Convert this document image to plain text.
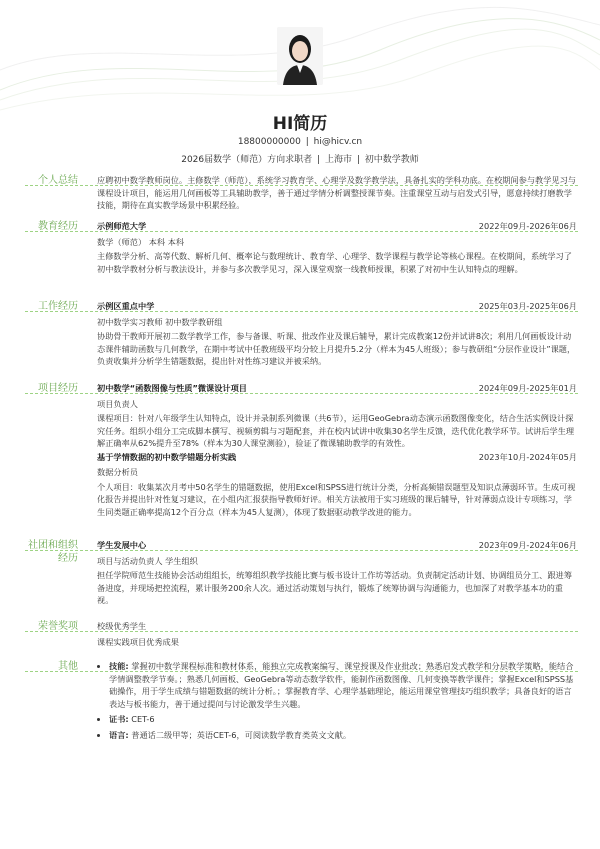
HI简历
18800000000 | hi@hicv.cn
2026届数学（师范）方向求职者 | 上海市 | 初中数学教师
个人总结 应聘初中数学教师岗位。主修数学（师范），系统学习教育学、心理学及数学教学法，具备扎实的学科功底。在校期间参与教学见习与课程设计项目，能运用几何画板等工具辅助教学，善于通过学情分析调整授课节奏。注重课堂互动与启发式引导，愿意持续打磨教学技能，期待在真实教学场景中积累经验。
教育经历 示例师范大学	2022年09月-2026年06月
数学（师范） 本科 本科
主修数学分析、高等代数、解析几何、概率论与数理统计、教育学、心理学、数学课程与教学论等核心课程。在校期间，系统学习了初中数学教材分析与教法设计，并参与多次教学见习，深入课堂观察一线教师授课，积累了对初中生认知特点的理解。
工作经历 示例区重点中学	2025年03月-2025年06月
初中数学实习教师 初中数学教研组
协助骨干教师开展初二数学教学工作，参与备课、听课、批改作业及课后辅导，累计完成教案12份并试讲8次；利用几何画板设计动态课件辅助函数与几何教学，在期中考试中任教班级平均分较上月提升5.2分（样本为45人班级）；参与教研组“分层作业设计”课题，负责收集并分析学生错题数据，提出针对性练习建议并被采纳。
项目经历 初中数学“函数图像与性质”微课设计项目	2024年09月-2025年01月
项目负责人
课程项目：针对八年级学生认知特点，设计并录制系列微课（共6节），运用GeoGebra动态演示函数图像变化，结合生活实例设计探究任务。组织小组分工完成脚本撰写、视频剪辑与习题配套，并在校内试讲中收集30名学生反馈，迭代优化教学环节。试讲后学生理解正确率从62%提升至78%（样本为30人课堂测验），验证了微课辅助教学的有效性。
基于学情数据的初中数学错题分析实践	2023年10月-2024年05月
数据分析员
个人项目：收集某次月考中50名学生的错题数据，使用Excel和SPSS进行统计分类，分析高频错误题型及知识点薄弱环节。生成可视化报告并提出针对性复习建议，在小组内汇报获指导教师好评。相关方法被用于实习班级的课后辅导，针对薄弱点设计专项练习，学生同类题正确率提高12个百分点（样本为45人复测），体现了数据驱动教学改进的能力。
社团和组织经历
学生发展中心	2023年09月-2024年06月
项目与活动负责人 学生组织
担任学院师范生技能协会活动组组长，统筹组织教学技能比赛与板书设计工作坊等活动。负责制定活动计划、协调组员分工、跟进筹备进度，并现场把控流程，累计服务200余人次。通过活动策划与执行，锻炼了统筹协调与沟通能力，也加深了对教学基本功的重视。
荣誉奖项 校级优秀学生
课程实践项目优秀成果
其他
•	技能: 掌握初中数学课程标准和教材体系，能独立完成教案编写、课堂授课及作业批改；熟悉启发式教学和分层教学策略，能结合学情调整教学节奏。；熟悉几何画板、GeoGebra等动态数学软件，能制作函数图像、几何变换等教学课件；掌握Excel和SPSS基础操作，用于学生成绩与错题数据的统计分析。；掌握教育学、心理学基础理论，能运用课堂管理技巧组织教学；具备良好的语言表达与板书能力，善于通过提问与讨论激发学生兴趣。
• 证书: CET-6
• 语言: 普通话二级甲等；英语CET-6，可阅读数学教育类英文文献。
